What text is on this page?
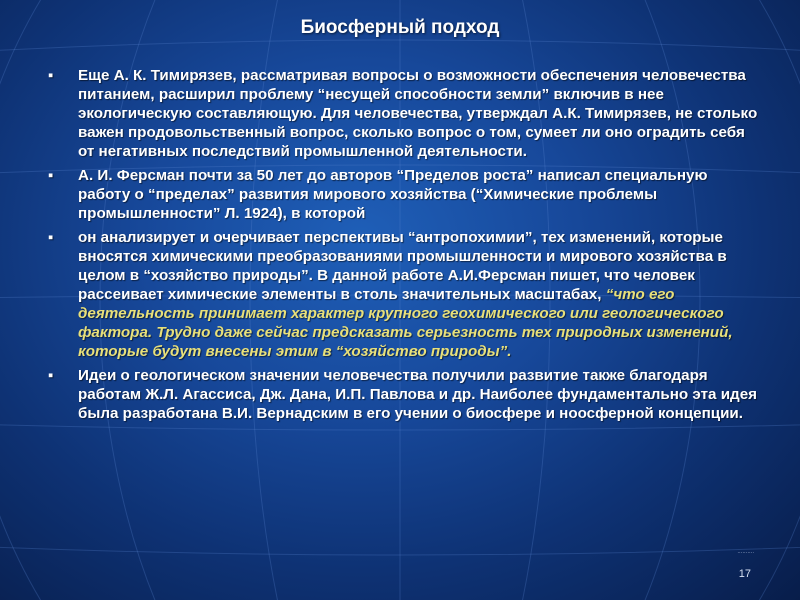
Биосферный подход
▪ Еще А. К. Тимирязев, рассматривая вопросы о возможности обеспечения человечества питанием, расширил проблему “несущей способности земли” включив в нее экологическую составляющую. Для человечества, утверждал А.К. Тимирязев, не столько важен продовольственный вопрос, сколько вопрос о том, сумеет ли оно оградить себя от негативных последствий промышленной деятельности.
▪ А. И. Ферсман почти за 50 лет до авторов “Пределов роста” написал специальную работу о “пределах” развития мирового хозяйства (“Химические проблемы промышленности” Л. 1924), в которой
▪ он анализирует и очерчивает перспективы “антропохимии”, тех изменений, которые вносятся химическими преобразованиями промышленности и мирового хозяйства в целом в “хозяйство природы”. В данной работе А.И.Ферсман пишет, что человек рассеивает химические элементы в столь значительных масштабах, “что его деятельность принимает характер крупного геохимического или геологического фактора. Трудно даже сейчас предсказать серьезность тех природных изменений, которые будут внесены этим в “хозяйство природы”.
▪ Идеи о геологическом значении человечества получили развитие также благодаря работам Ж.Л. Агассиса, Дж. Дана, И.П. Павлова и др. Наиболее фундаментально эта идея была разработана В.И. Вернадским в его учении о биосфере и ноосферной концепции.
··········
17
